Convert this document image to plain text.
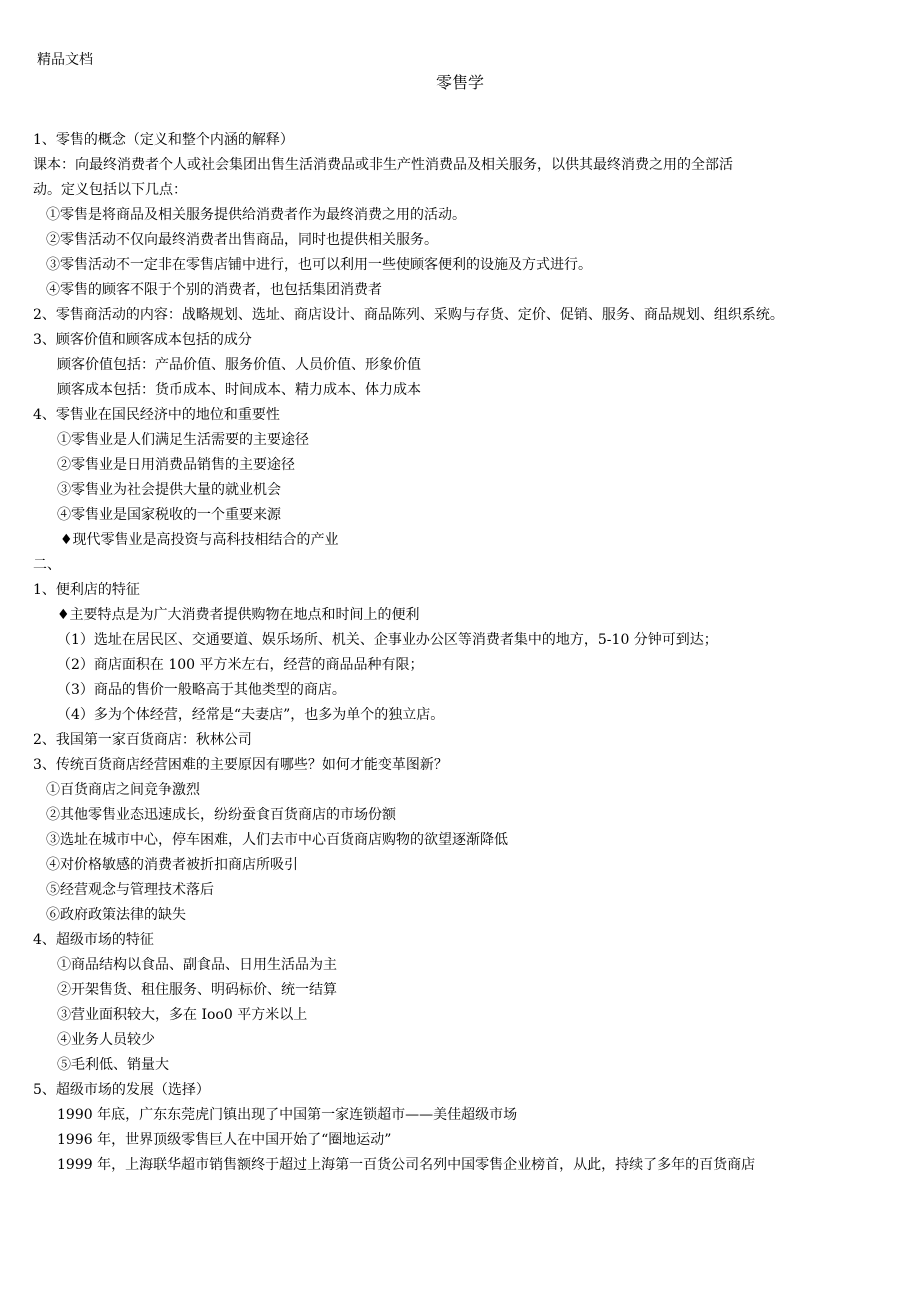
精品文档
零售学
1、零售的概念（定义和整个内涵的解释）
课本：向最终消费者个人或社会集团出售生活消费品或非生产性消费品及相关服务，以供其最终消费之用的全部活
动。定义包括以下几点：
①零售是将商品及相关服务提供给消费者作为最终消费之用的活动。
②零售活动不仅向最终消费者出售商品，同时也提供相关服务。
③零售活动不一定非在零售店铺中进行，也可以利用一些使顾客便利的设施及方式进行。
④零售的顾客不限于个别的消费者，也包括集团消费者
2、零售商活动的内容：战略规划、选址、商店设计、商品陈列、采购与存货、定价、促销、服务、商品规划、组织系统。
3、顾客价值和顾客成本包括的成分
顾客价值包括：产品价值、服务价值、人员价值、形象价值
顾客成本包括：货币成本、时间成本、精力成本、体力成本
4、零售业在国民经济中的地位和重要性
①零售业是人们满足生活需要的主要途径
②零售业是日用消费品销售的主要途径
③零售业为社会提供大量的就业机会
④零售业是国家税收的一个重要来源
♦现代零售业是高投资与高科技相结合的产业
二、
1、便利店的特征
♦主要特点是为广大消费者提供购物在地点和时间上的便利
（1）选址在居民区、交通要道、娱乐场所、机关、企事业办公区等消费者集中的地方，5-10 分钟可到达；
（2）商店面积在 100 平方米左右，经营的商品品种有限；
（3）商品的售价一般略高于其他类型的商店。
（4）多为个体经营，经常是“夫妻店”，也多为单个的独立店。
2、我国第一家百货商店：秋林公司
3、传统百货商店经营困难的主要原因有哪些？如何才能变革图新？
①百货商店之间竞争激烈
②其他零售业态迅速成长，纷纷蚕食百货商店的市场份额
③选址在城市中心，停车困难，人们去市中心百货商店购物的欲望逐渐降低
④对价格敏感的消费者被折扣商店所吸引
⑤经营观念与管理技术落后
⑥政府政策法律的缺失
4、超级市场的特征
①商品结构以食品、副食品、日用生活品为主
②开架售货、租住服务、明码标价、统一结算
③营业面积较大，多在 Ioo0 平方米以上
④业务人员较少
⑤毛利低、销量大
5、超级市场的发展（选择）
1990 年底，广东东莞虎门镇出现了中国第一家连锁超市——美佳超级市场
1996 年，世界顶级零售巨人在中国开始了“圈地运动”
1999 年，上海联华超市销售额终于超过上海第一百货公司名列中国零售企业榜首，从此，持续了多年的百货商店
